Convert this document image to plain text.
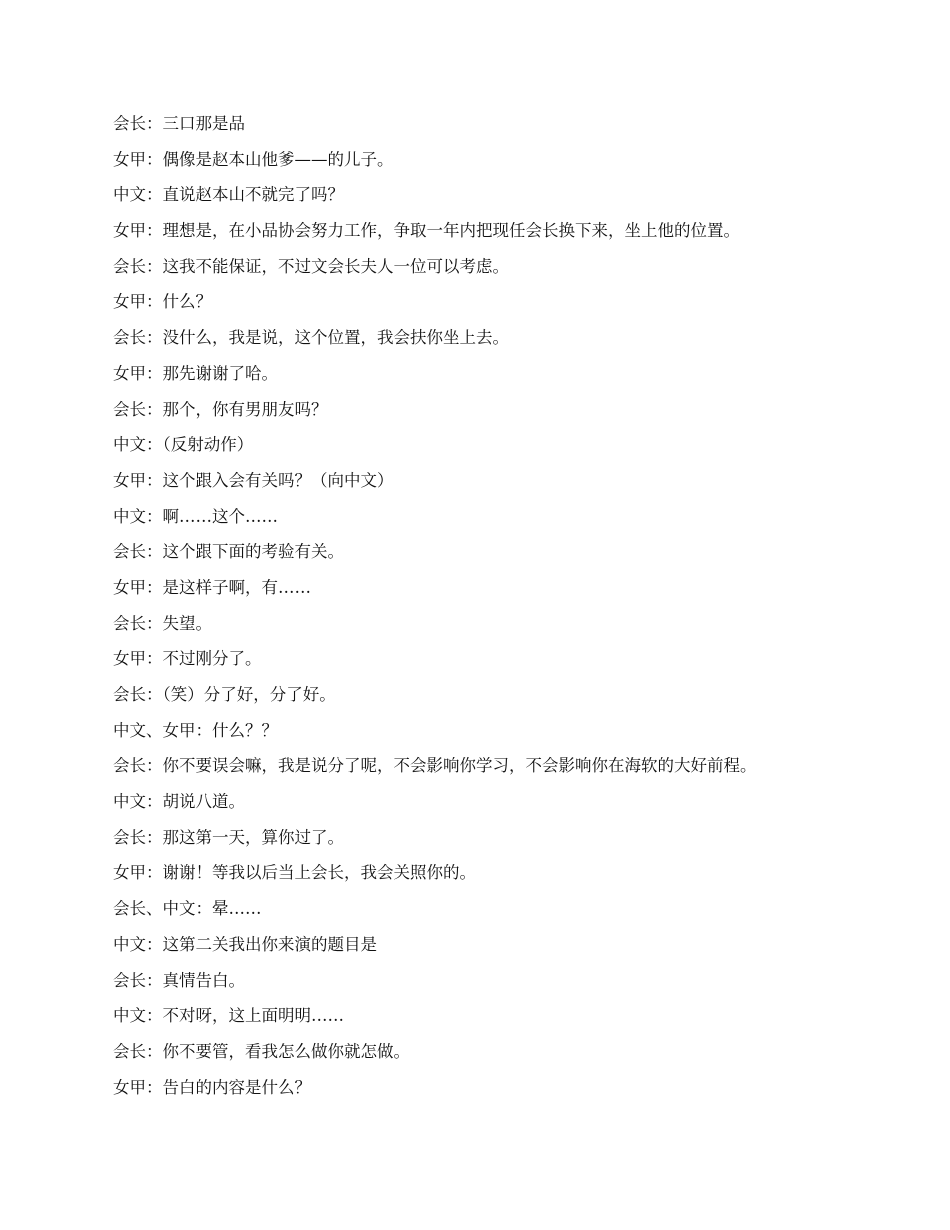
会长：三口那是品
女甲：偶像是赵本山他爹——的儿子。
中文：直说赵本山不就完了吗？
女甲：理想是，在小品协会努力工作，争取一年内把现任会长换下来，坐上他的位置。
会长：这我不能保证，不过文会长夫人一位可以考虑。
女甲：什么？
会长：没什么，我是说，这个位置，我会扶你坐上去。
女甲：那先谢谢了哈。
会长：那个，你有男朋友吗？
中文：（反射动作）
女甲：这个跟入会有关吗？（向中文）
中文：啊……这个……
会长：这个跟下面的考验有关。
女甲：是这样子啊，有……
会长：失望。
女甲：不过刚分了。
会长：（笑）分了好，分了好。
中文、女甲：什么？？
会长：你不要误会嘛，我是说分了呢，不会影响你学习，不会影响你在海软的大好前程。
中文：胡说八道。
会长：那这第一天，算你过了。
女甲：谢谢！等我以后当上会长，我会关照你的。
会长、中文：晕……
中文：这第二关我出你来演的题目是
会长：真情告白。
中文：不对呀，这上面明明……
会长：你不要管，看我怎么做你就怎做。
女甲：告白的内容是什么？
